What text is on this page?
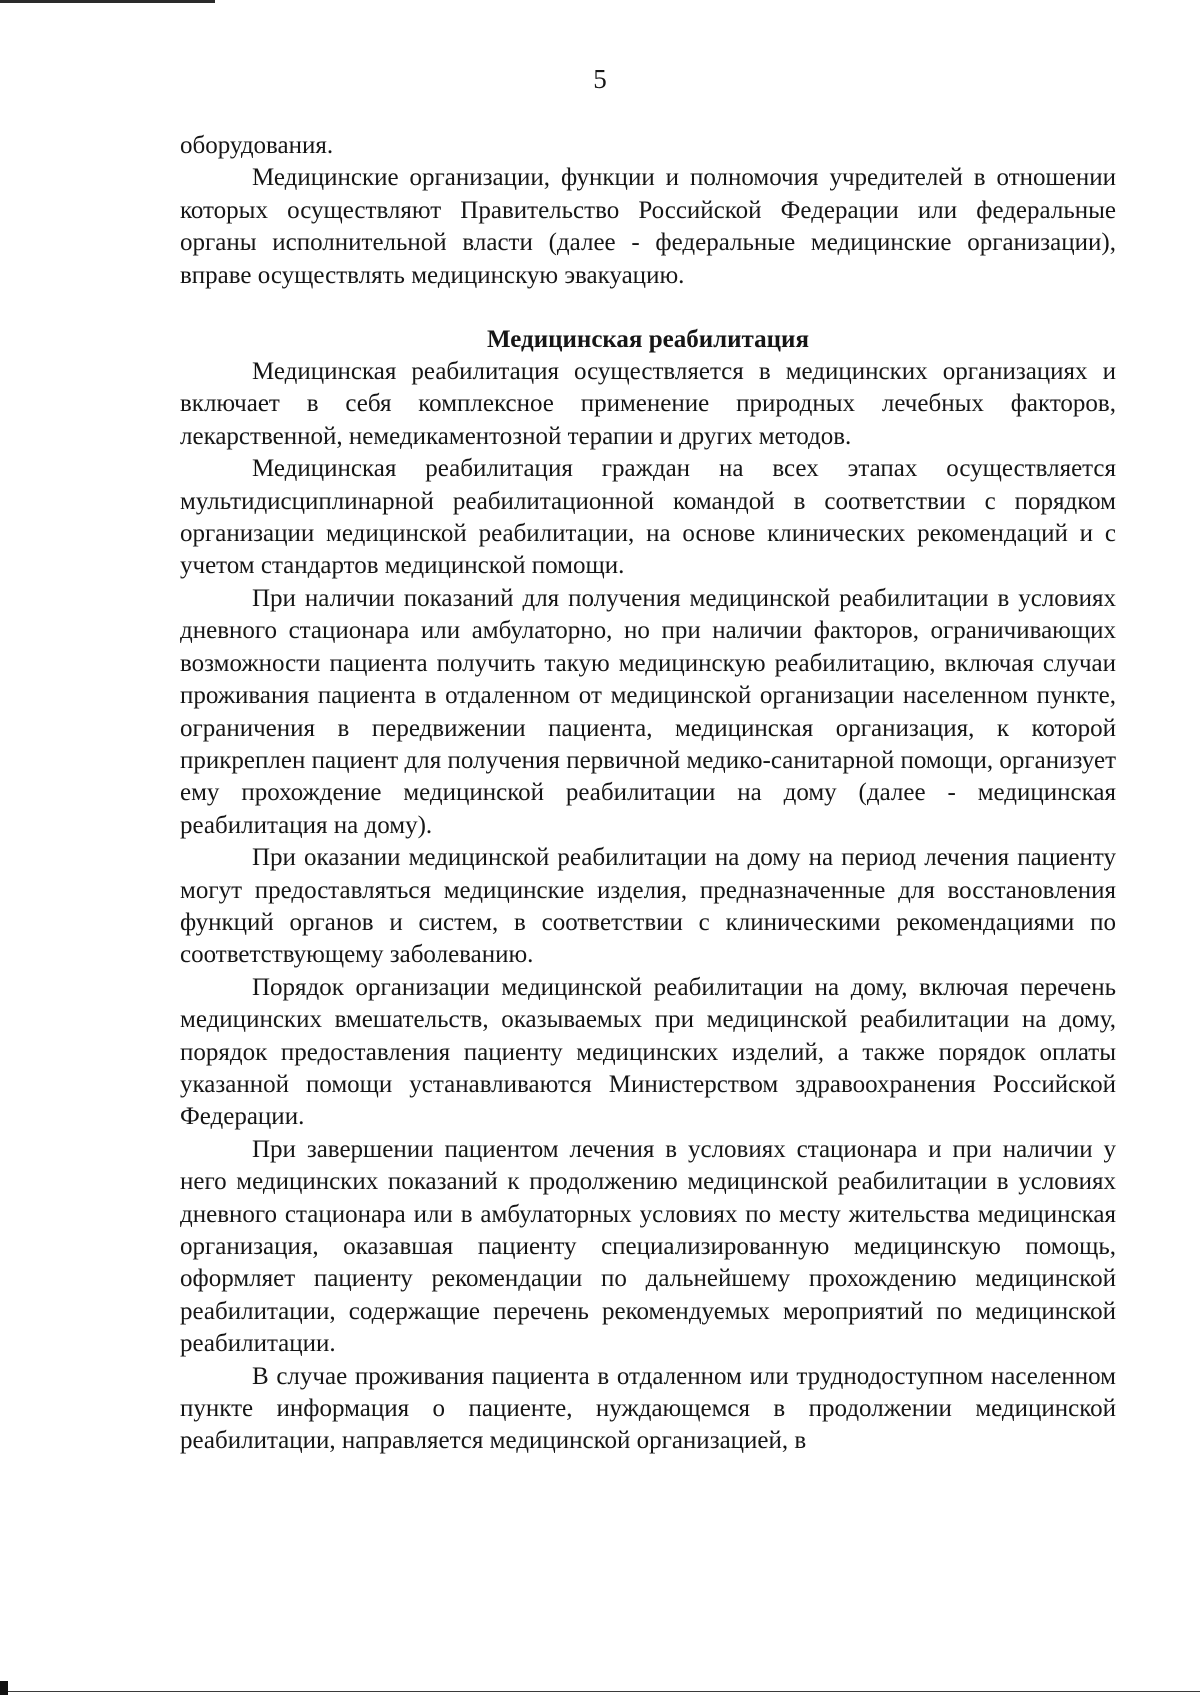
5

оборудования.

Медицинские организации, функции и полномочия учредителей в отношении которых осуществляют Правительство Российской Федерации или федеральные органы исполнительной власти (далее - федеральные медицинские организации), вправе осуществлять медицинскую эвакуацию.

Медицинская реабилитация

Медицинская реабилитация осуществляется в медицинских организациях и включает в себя комплексное применение природных лечебных факторов, лекарственной, немедикаментозной терапии и других методов.

Медицинская реабилитация граждан на всех этапах осуществляется мультидисциплинарной реабилитационной командой в соответствии с порядком организации медицинской реабилитации, на основе клинических рекомендаций и с учетом стандартов медицинской помощи.

При наличии показаний для получения медицинской реабилитации в условиях дневного стационара или амбулаторно, но при наличии факторов, ограничивающих возможности пациента получить такую медицинскую реабилитацию, включая случаи проживания пациента в отдаленном от медицинской организации населенном пункте, ограничения в передвижении пациента, медицинская организация, к которой прикреплен пациент для получения первичной медико-санитарной помощи, организует ему прохождение медицинской реабилитации на дому (далее - медицинская реабилитация на дому).

При оказании медицинской реабилитации на дому на период лечения пациенту могут предоставляться медицинские изделия, предназначенные для восстановления функций органов и систем, в соответствии с клиническими рекомендациями по соответствующему заболеванию.

Порядок организации медицинской реабилитации на дому, включая перечень медицинских вмешательств, оказываемых при медицинской реабилитации на дому, порядок предоставления пациенту медицинских изделий, а также порядок оплаты указанной помощи устанавливаются Министерством здравоохранения Российской Федерации.

При завершении пациентом лечения в условиях стационара и при наличии у него медицинских показаний к продолжению медицинской реабилитации в условиях дневного стационара или в амбулаторных условиях по месту жительства медицинская организация, оказавшая пациенту специализированную медицинскую помощь, оформляет пациенту рекомендации по дальнейшему прохождению медицинской реабилитации, содержащие перечень рекомендуемых мероприятий по медицинской реабилитации.

В случае проживания пациента в отдаленном или труднодоступном населенном пункте информация о пациенте, нуждающемся в продолжении медицинской реабилитации, направляется медицинской организацией, в
